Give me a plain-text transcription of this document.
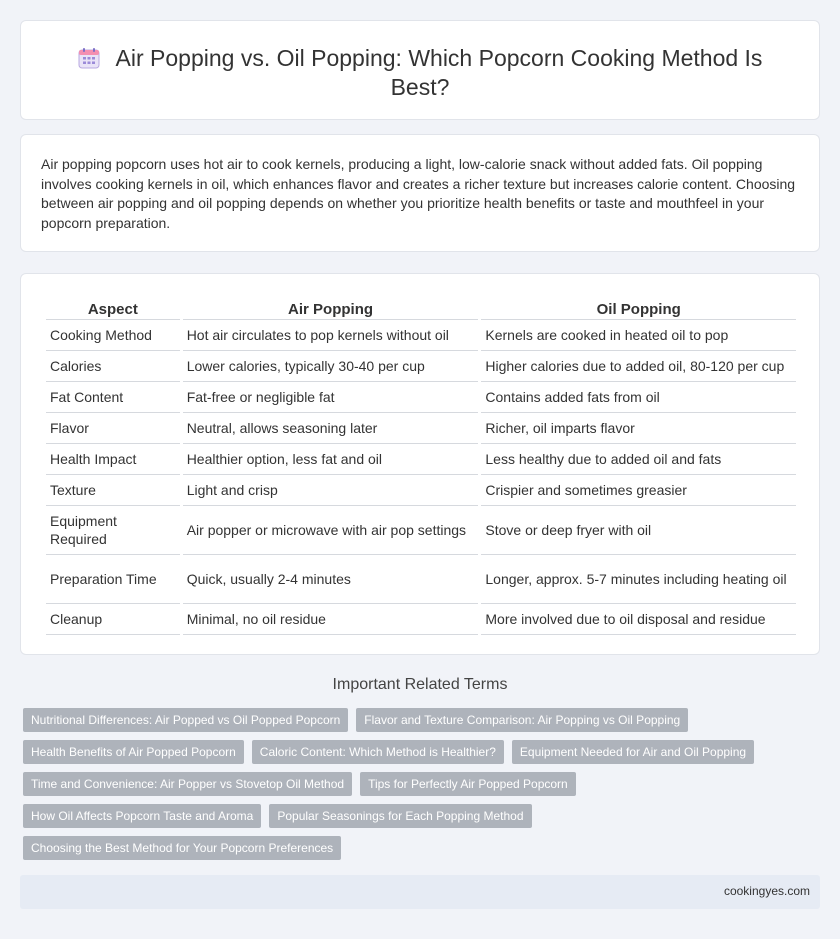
Air Popping vs. Oil Popping: Which Popcorn Cooking Method Is Best?

Air popping popcorn uses hot air to cook kernels, producing a light, low-calorie snack without added fats. Oil popping involves cooking kernels in oil, which enhances flavor and creates a richer texture but increases calorie content. Choosing between air popping and oil popping depends on whether you prioritize health benefits or taste and mouthfeel in your popcorn preparation.

Aspect	Air Popping	Oil Popping
Cooking Method	Hot air circulates to pop kernels without oil	Kernels are cooked in heated oil to pop
Calories	Lower calories, typically 30-40 per cup	Higher calories due to added oil, 80-120 per cup
Fat Content	Fat-free or negligible fat	Contains added fats from oil
Flavor	Neutral, allows seasoning later	Richer, oil imparts flavor
Health Impact	Healthier option, less fat and oil	Less healthy due to added oil and fats
Texture	Light and crisp	Crispier and sometimes greasier
Equipment Required	Air popper or microwave with air pop settings	Stove or deep fryer with oil
Preparation Time	Quick, usually 2-4 minutes	Longer, approx. 5-7 minutes including heating oil
Cleanup	Minimal, no oil residue	More involved due to oil disposal and residue
Important Related Terms
Nutritional Differences: Air Popped vs Oil Popped Popcorn	Flavor and Texture Comparison: Air Popping vs Oil Popping
Health Benefits of Air Popped Popcorn	Caloric Content: Which Method is Healthier?	Equipment Needed for Air and Oil Popping
Time and Convenience: Air Popper vs Stovetop Oil Method	Tips for Perfectly Air Popped Popcorn
How Oil Affects Popcorn Taste and Aroma	Popular Seasonings for Each Popping Method
Choosing the Best Method for Your Popcorn Preferences
cookingyes.com
